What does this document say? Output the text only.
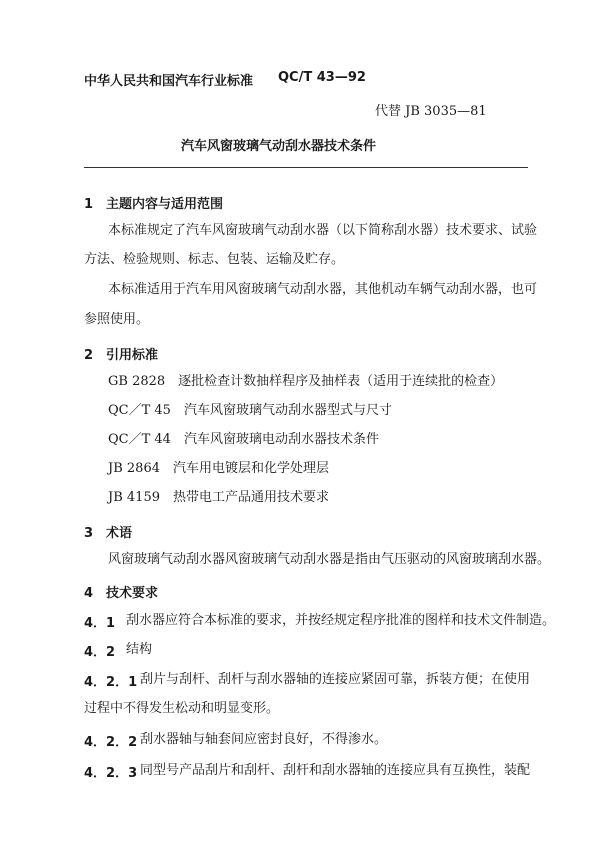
中华人民共和国汽车行业标准 QC/T 43—92
代替 JB 3035—81
汽车风窗玻璃气动刮水器技术条件
1　主题内容与适用范围
本标准规定了汽车风窗玻璃气动刮水器（以下简称刮水器）技术要求、试验
方法、检验规则、标志、包装、运输及贮存。
本标准适用于汽车用风窗玻璃气动刮水器，其他机动车辆气动刮水器，也可
参照使用。
2　引用标准
GB 2828　逐批检查计数抽样程序及抽样表（适用于连续批的检查）
QC／T 45　汽车风窗玻璃气动刮水器型式与尺寸
QC／T 44　汽车风窗玻璃电动刮水器技术条件
JB 2864　汽车用电镀层和化学处理层
JB 4159　热带电工产品通用技术要求
3　术语
风窗玻璃气动刮水器风窗玻璃气动刮水器是指由气压驱动的风窗玻璃刮水器。
4　技术要求
4．1 刮水器应符合本标准的要求，并按经规定程序批准的图样和技术文件制造。
4．2 结构
4．2．1 刮片与刮杆、刮杆与刮水器轴的连接应紧固可靠，拆装方便；在使用
过程中不得发生松动和明显变形。
4．2．2 刮水器轴与轴套间应密封良好，不得渗水。
4．2．3 同型号产品刮片和刮杆、刮杆和刮水器轴的连接应具有互换性，装配
